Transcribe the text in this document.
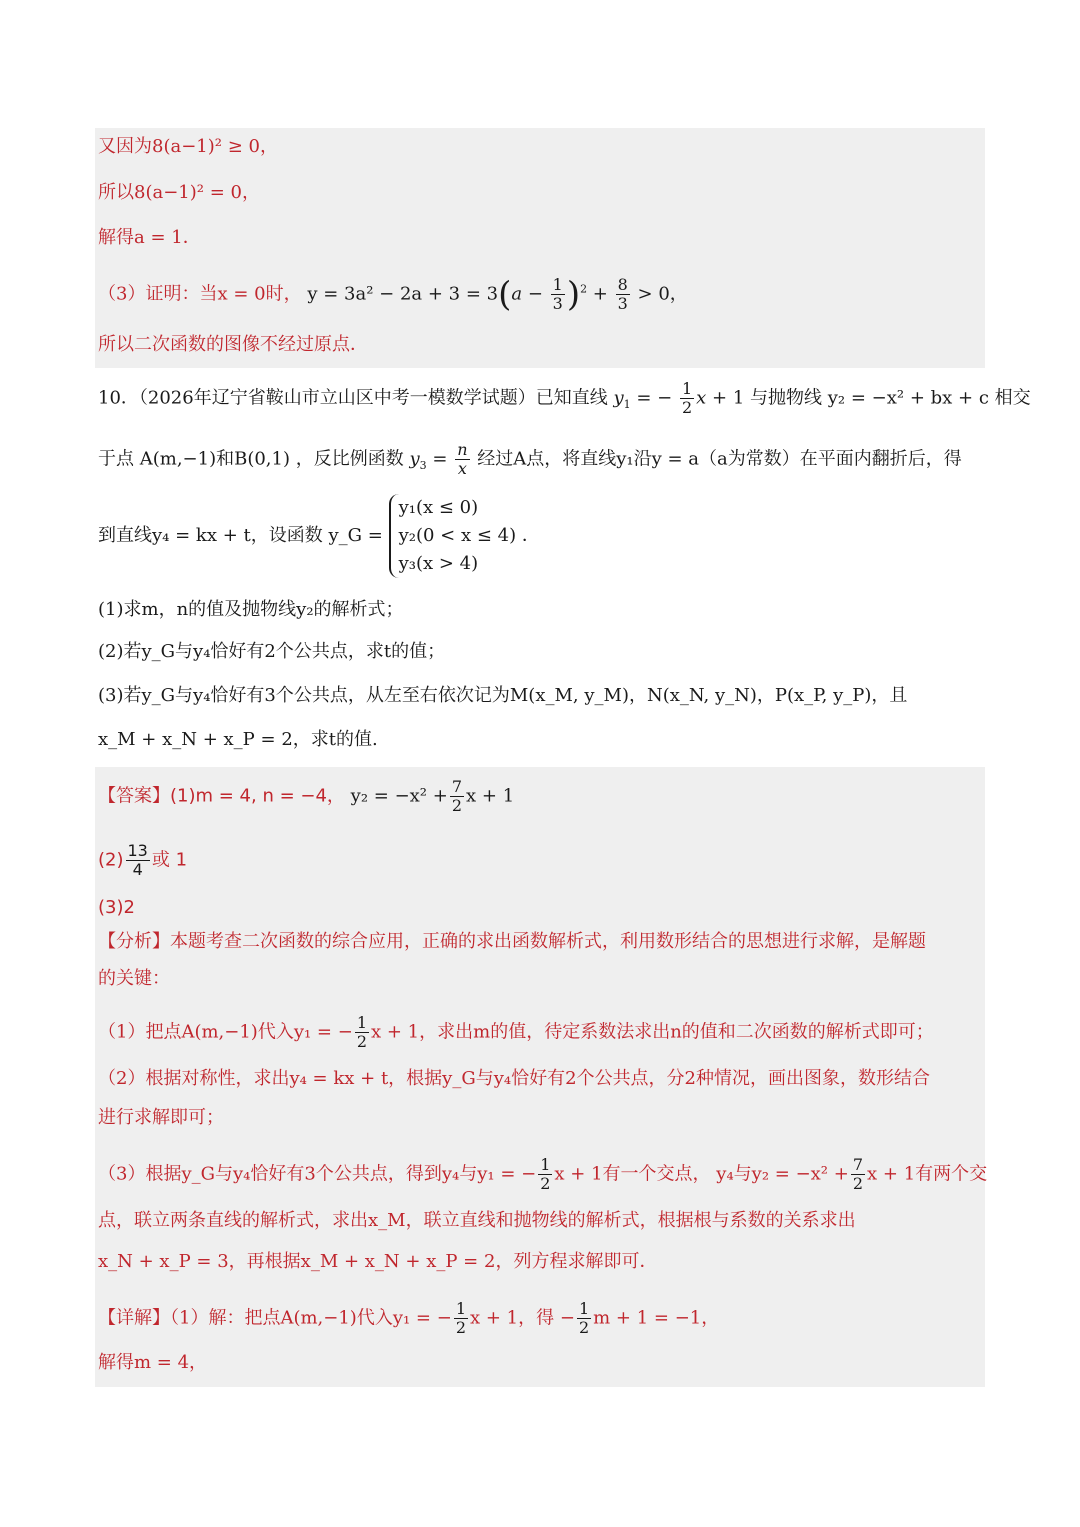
又因为8(a−1)² ≥ 0，
所以8(a−1)² = 0，
解得a = 1．
（3）证明：当x = 0时， $y = 3a^2 - 2a + 3 = 3(a - \frac{1}{3} )^2 + \frac{8}{3} > 0$，
所以二次函数的图像不经过原点．
10．（2026年辽宁省鞍山市立山区中考一模数学试题）已知直线 $y_1$ = − $\frac{1}{2}$ x + 1 与抛物线 y₂ = −x² + bx + c 相交
于点 A(m,−1)和B(0,1) ，反比例函数 $y_3 = \frac{n}{x}$ 经过A点，将直线y₁沿y = a（a为常数）在平面内翻折后，得
到直线y₄ = kx + t，设函数 y_G =
y₁(x ≤ 0)
y₂(0 < x ≤ 4)
y₃(x > 4)
．
(1)求m，n的值及抛物线y₂的解析式；
(2)若y_G与y₄恰好有2个公共点，求t的值；
(3)若y_G与y₄恰好有3个公共点，从左至右依次记为M(x_M, y_M)，N(x_N, y_N)，P(x_P, y_P)，且
x_M + x_N + x_P = 2，求t的值.
【答案】(1)m = 4, n = −4， $y_2 = -x^2 + \frac{7}{2}$ x + 1
$(2) \frac{13}{4}$ 或 1
(3)2
【分析】本题考查二次函数的综合应用，正确的求出函数解析式，利用数形结合的思想进行求解，是解题
的关键：
（1）把点A(m,−1)代入y₁ = − $\frac{1}{2}$ x + 1，求出m的值，待定系数法求出n的值和二次函数的解析式即可；
（2）根据对称性，求出y₄ = kx + t，根据y_G与y₄恰好有2个公共点，分2种情况，画出图象，数形结合
进行求解即可；
（3）根据y_G与y₄恰好有3个公共点，得到y₄与y₁ = − $\frac{1}{2}$ x + 1有一个交点， y₄与$y_2 = -x^2 + \frac{7}{2}$ x + 1有两个交
点，联立两条直线的解析式，求出x_M，联立直线和抛物线的解析式，根据根与系数的关系求出
x_N + x_P = 3，再根据x_M + x_N + x_P = 2，列方程求解即可．
【详解】（1）解：把点A(m,−1)代入y₁ = − $\frac{1}{2}$ x + 1，得 − $\frac{1}{2}$ m + 1 = −1，
解得m = 4，
